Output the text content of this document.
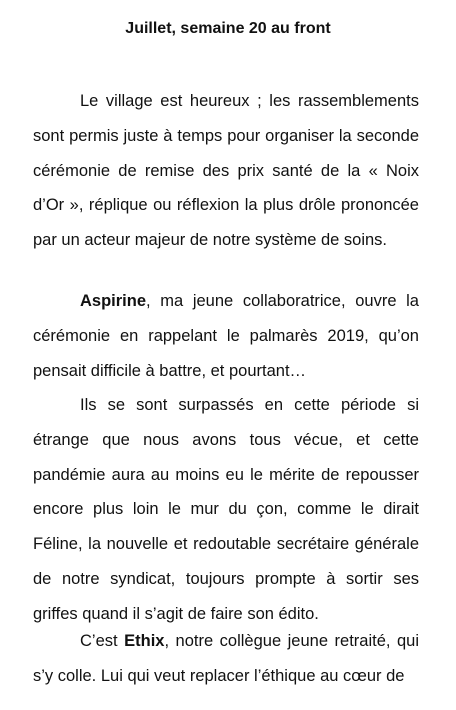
Juillet, semaine 20 au front

Le village est heureux ; les rassemblements sont permis juste à temps pour organiser la seconde cérémonie de remise des prix santé de la « Noix d’Or », réplique ou réflexion la plus drôle prononcée par un acteur majeur de notre système de soins.

Aspirine, ma jeune collaboratrice, ouvre la cérémonie en rappelant le palmarès 2019, qu’on pensait difficile à battre, et pourtant…

Ils se sont surpassés en cette période si étrange que nous avons tous vécue, et cette pandémie aura au moins eu le mérite de repousser encore plus loin le mur du çon, comme le dirait Féline, la nouvelle et redoutable secrétaire générale de notre syndicat, toujours prompte à sortir ses griffes quand il s’agit de faire son édito.

C’est Ethix, notre collègue jeune retraité, qui s’y colle. Lui qui veut replacer l’éthique au cœur de
